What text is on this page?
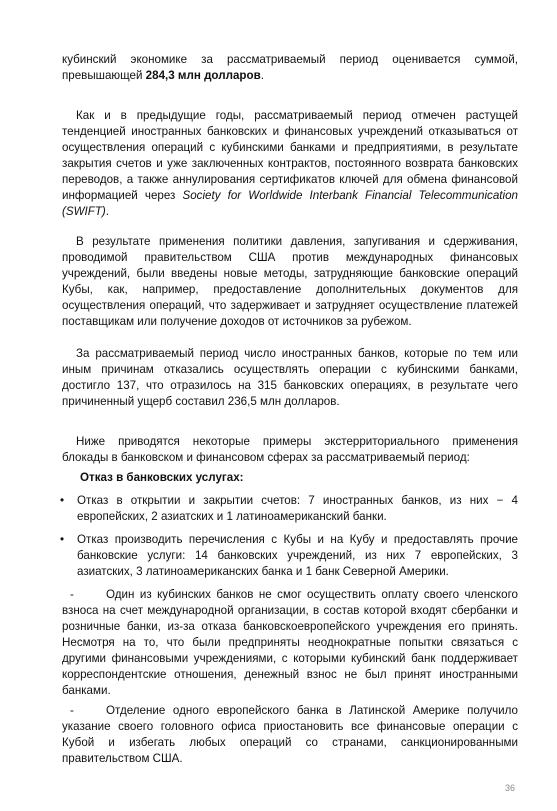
кубинский экономике за рассматриваемый период оценивается суммой, превышающей 284,3 млн долларов.

Как и в предыдущие годы, рассматриваемый период отмечен растущей тенденцией иностранных банковских и финансовых учреждений отказываться от осуществления операций с кубинскими банками и предприятиями, в результате закрытия счетов и уже заключенных контрактов, постоянного возврата банковских переводов, а также аннулирования сертификатов ключей для обмена финансовой информацией через Society for Worldwide Interbank Financial Telecommunication (SWIFT).

В результате применения политики давления, запугивания и сдерживания, проводимой правительством США против международных финансовых учреждений, были введены новые методы, затрудняющие банковские операций Кубы, как, например, предоставление дополнительных документов для осуществления операций, что задерживает и затрудняет осуществление платежей поставщикам или получение доходов от источников за рубежом.

За рассматриваемый период число иностранных банков, которые по тем или иным причинам отказались осуществлять операции с кубинскими банками, достигло 137, что отразилось на 315 банковских операциях, в результате чего причиненный ущерб составил 236,5 млн долларов.

Ниже приводятся некоторые примеры экстерриториального применения блокады в банковском и финансовом сферах за рассматриваемый период:

Отказ в банковских услугах:

• Отказ в открытии и закрытии счетов: 7 иностранных банков, из них − 4 европейских, 2 азиатских и 1 латиноамериканский банки.
• Отказ производить перечисления с Кубы и на Кубу и предоставлять прочие банковские услуги: 14 банковских учреждений, из них 7 европейских, 3 азиатских, 3 латиноамериканских банка и 1 банк Северной Америки.
-	Один из кубинских банков не смог осуществить оплату своего членского взноса на счет международной организации, в состав которой входят сбербанки и розничные банки, из-за отказа банковскоевропейского учреждения его принять. Несмотря на то, что были предприняты неоднократные попытки связаться с другими финансовыми учреждениями, с которыми кубинский банк поддерживает корреспондентские отношения, денежный взнос не был принят иностранными банками.
-	Отделение одного европейского банка в Латинской Америке получило указание своего головного офиса приостановить все финансовые операции с Кубой и избегать любых операций со странами, санкционированными правительством США.
36
